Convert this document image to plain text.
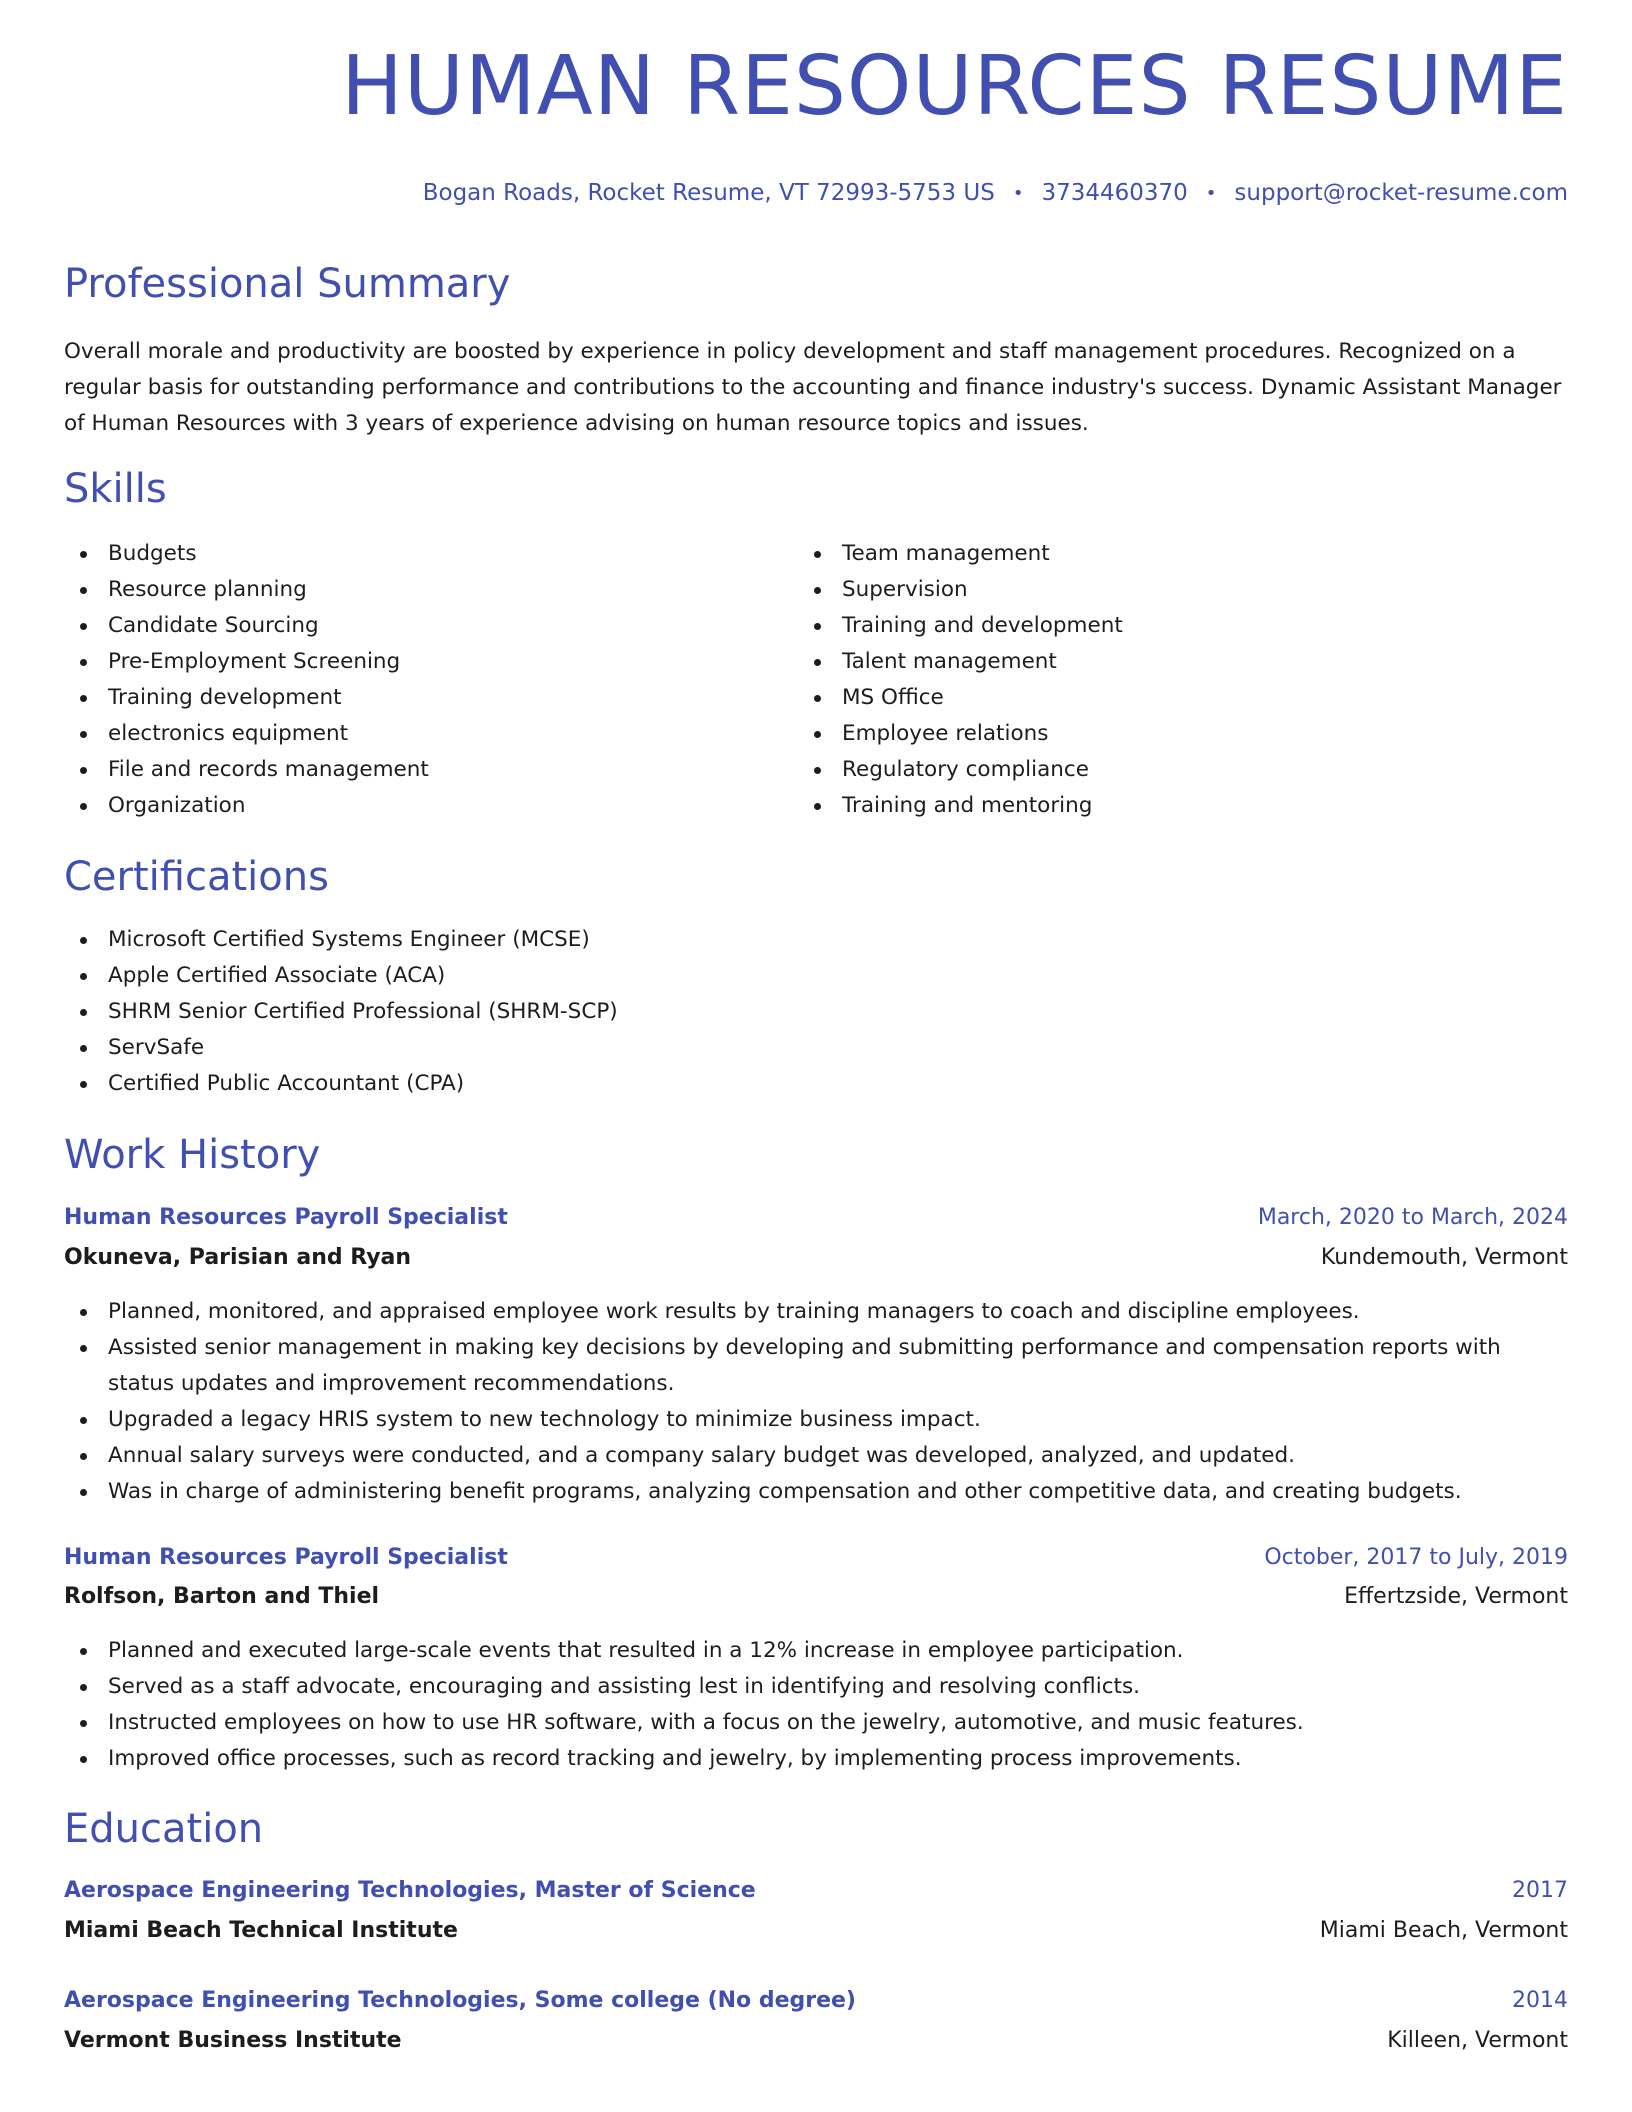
HUMAN RESOURCES RESUME
Bogan Roads, Rocket Resume, VT 72993-5753 US • 3734460370 • support@rocket-resume.com
Professional Summary

Overall morale and productivity are boosted by experience in policy development and staff management procedures. Recognized on a regular basis for outstanding performance and contributions to the accounting and finance industry's success. Dynamic Assistant Manager of Human Resources with 3 years of experience advising on human resource topics and issues.

Skills
Budgets
Resource planning
Candidate Sourcing
Pre-Employment Screening
Training development
electronics equipment
File and records management
Organization
Team management
Supervision
Training and development
Talent management
MS Office
Employee relations
Regulatory compliance
Training and mentoring
Certifications
Microsoft Certified Systems Engineer (MCSE)
Apple Certified Associate (ACA)
SHRM Senior Certified Professional (SHRM-SCP)
ServSafe
Certified Public Accountant (CPA)
Work History
Human Resources Payroll Specialist	March, 2020 to March, 2024
Okuneva, Parisian and Ryan	Kundemouth, Vermont
Planned, monitored, and appraised employee work results by training managers to coach and discipline employees.
Assisted senior management in making key decisions by developing and submitting performance and compensation reports with status updates and improvement recommendations.
Upgraded a legacy HRIS system to new technology to minimize business impact.
Annual salary surveys were conducted, and a company salary budget was developed, analyzed, and updated.
Was in charge of administering benefit programs, analyzing compensation and other competitive data, and creating budgets.
Human Resources Payroll Specialist	October, 2017 to July, 2019
Rolfson, Barton and Thiel	Effertzside, Vermont
Planned and executed large-scale events that resulted in a 12% increase in employee participation.
Served as a staff advocate, encouraging and assisting lest in identifying and resolving conflicts.
Instructed employees on how to use HR software, with a focus on the jewelry, automotive, and music features.
Improved office processes, such as record tracking and jewelry, by implementing process improvements.
Education
Aerospace Engineering Technologies, Master of Science	2017
Miami Beach Technical Institute	Miami Beach, Vermont
Aerospace Engineering Technologies, Some college (No degree)	2014
Vermont Business Institute	Killeen, Vermont
